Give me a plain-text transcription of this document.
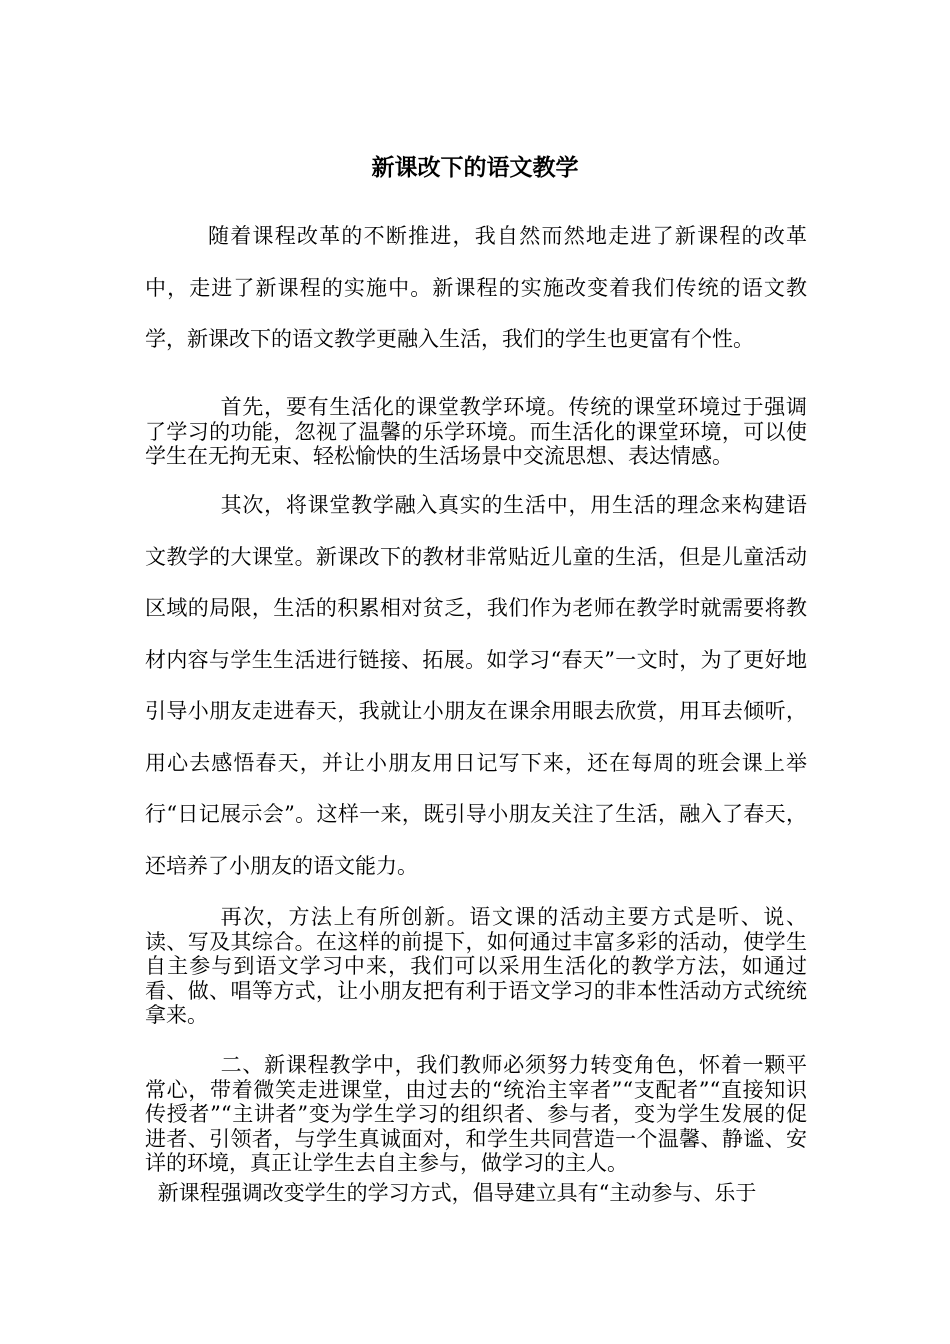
新课改下的语文教学

随着课程改革的不断推进，我自然而然地走进了新课程的改革中，走进了新课程的实施中。新课程的实施改变着我们传统的语文教学，新课改下的语文教学更融入生活，我们的学生也更富有个性。

首先，要有生活化的课堂教学环境。传统的课堂环境过于强调了学习的功能，忽视了温馨的乐学环境。而生活化的课堂环境，可以使学生在无拘无束、轻松愉快的生活场景中交流思想、表达情感。

其次，将课堂教学融入真实的生活中，用生活的理念来构建语文教学的大课堂。新课改下的教材非常贴近儿童的生活，但是儿童活动区域的局限，生活的积累相对贫乏，我们作为老师在教学时就需要将教材内容与学生生活进行链接、拓展。如学习“春天”一文时，为了更好地引导小朋友走进春天，我就让小朋友在课余用眼去欣赏，用耳去倾听，用心去感悟春天，并让小朋友用日记写下来，还在每周的班会课上举行“日记展示会”。这样一来，既引导小朋友关注了生活，融入了春天，还培养了小朋友的语文能力。

再次，方法上有所创新。语文课的活动主要方式是听、说、读、写及其综合。在这样的前提下，如何通过丰富多彩的活动，使学生自主参与到语文学习中来，我们可以采用生活化的教学方法，如通过看、做、唱等方式，让小朋友把有利于语文学习的非本性活动方式统统拿来。

二、新课程教学中，我们教师必须努力转变角色，怀着一颗平常心，带着微笑走进课堂，由过去的“统治主宰者”“支配者”“直接知识传授者”“主讲者”变为学生学习的组织者、参与者，变为学生发展的促进者、引领者，与学生真诚面对，和学生共同营造一个温馨、静谧、安详的环境，真正让学生去自主参与，做学习的主人。

新课程强调改变学生的学习方式，倡导建立具有“主动参与、乐于
